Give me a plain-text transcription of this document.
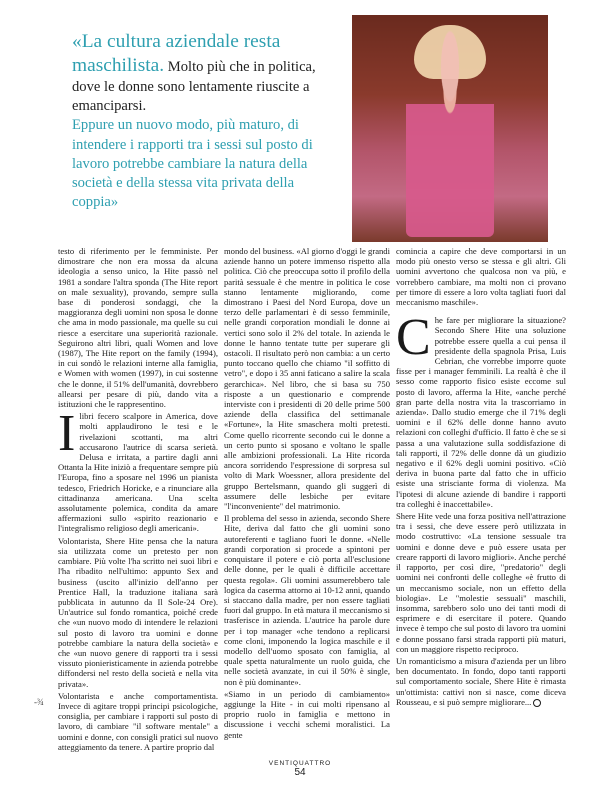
«La cultura aziendale resta maschilista. Molto più che in politica, dove le donne sono lentamente riuscite a emanciparsi.

Eppure un nuovo modo, più maturo, di intendere i rapporti tra i sessi sul posto di lavoro potrebbe cambiare la natura della società e della stessa vita privata della coppia»

testo di riferimento per le femministe. Per dimostrare che non era mossa da alcuna ideologia a senso unico, la Hite passò nel 1981 a sondare l'altra sponda (The Hite report on male sexuality), provando, sempre sulla base di ponderosi sondaggi, che la maggioranza degli uomini non sposa le donne che ama in modo passionale, ma quelle su cui riesce a esercitare una superiorità razionale. Seguirono altri libri, quali Women and love (1987), The Hite report on the family (1994), in cui sondò le relazioni interne alla famiglia, e Women with women (1997), in cui sostenne che le donne, il 51% dell'umanità, dovrebbero allearsi per pesare di più, dando vita a istituzioni che le rappresentino.

Ilibri fecero scalpore in America, dove molti applaudirono le tesi e le rivelazioni scottanti, ma altri accusarono l'autrice di scarsa serietà. Delusa e irritata, a partire dagli anni Ottanta la Hite iniziò a frequentare sempre più l'Europa, fino a sposare nel 1996 un pianista tedesco, Friedrich Horicke, e a rinunciare alla cittadinanza americana. Una scelta assolutamente polemica, condita da amare affermazioni sullo «spirito reazionario e l'integralismo religioso degli americani».

Volontarista, Shere Hite pensa che la natura sia utilizzata come un pretesto per non cambiare. Più volte l'ha scritto nei suoi libri e l'ha ribadito nell'ultimo: appunto Sex and business (uscito all'inizio dell'anno per Prentice Hall, la traduzione italiana sarà pubblicata in autunno da Il Sole-24 Ore). Un'autrice sul fondo romantica, poiché crede che «un nuovo modo di intendere le relazioni sul posto di lavoro tra uomini e donne potrebbe cambiare la natura della società» e che «un nuovo genere di rapporti tra i sessi vissuto pionieristicamente in azienda potrebbe diffondersi nel resto della società e nella vita privata».

Volontarista e anche comportamentista. Invece di agitare troppi principi psicologiche, consiglia, per cambiare i rapporti sul posto di lavoro, di cambiare "il software mentale" a uomini e donne, con consigli pratici sul nuovo atteggiamento da tenere. A partire proprio dal

mondo del business. «Al giorno d'oggi le grandi aziende hanno un potere immenso rispetto alla politica. Ciò che preoccupa sotto il profilo della parità sessuale è che mentre in politica le cose stanno lentamente migliorando, come dimostrano i Paesi del Nord Europa, dove un terzo delle parlamentari è di sesso femminile, nelle grandi corporation mondiali le donne ai vertici sono solo il 2% del totale. In azienda le donne le hanno tentate tutte per superare gli ostacoli. Il risultato però non cambia: a un certo punto toccano quello che chiamo "il soffitto di vetro", e dopo i 35 anni faticano a salire la scala gerarchica». Nel libro, che si basa su 750 risposte a un questionario e comprende interviste con i presidenti di 20 delle prime 500 aziende della classifica del settimanale «Fortune», la Hite smaschera molti pretesti. Come quello ricorrente secondo cui le donne a un certo punto si sposano e voltano le spalle alle ambizioni professionali. La Hite ricorda ancora sorridendo l'espressione di sorpresa sul volto di Mark Woessner, allora presidente del gruppo Bertelsmann, quando gli suggerì di assumere delle lesbiche per evitare "l'inconveniente" del matrimonio.

Il problema del sesso in azienda, secondo Shere Hite, deriva dal fatto che gli uomini sono autoreferenti e tagliano fuori le donne. «Nelle grandi corporation si procede a spintoni per conquistare il potere e ciò porta all'esclusione delle donne, per le quali è difficile accettare questa regola». Gli uomini assumerebbero tale logica da caserma attorno ai 10-12 anni, quando si staccano dalla madre, per non essere tagliati fuori dal gruppo. In età matura il meccanismo si trasferisce in azienda. L'autrice ha parole dure per i top manager «che tendono a replicarsi come cloni, imponendo la logica maschile e il modello dell'uomo sposato con famiglia, al quale spetta naturalmente un ruolo guida, che nelle società avanzate, in cui il 50% è single, non è più dominante».

«Siamo in un periodo di cambiamento» aggiunge la Hite - in cui molti ripensano al proprio ruolo in famiglia e mettono in discussione i vecchi schemi moralistici. La gente

comincia a capire che deve comportarsi in un modo più onesto verso se stessa e gli altri. Gli uomini avvertono che qualcosa non va più, e vorrebbero cambiare, ma molti non ci provano per timore di essere a loro volta tagliati fuori dal meccanismo maschile».

Che fare per migliorare la situazione? Secondo Shere Hite una soluzione potrebbe essere quella a cui pensa il presidente della spagnola Prisa, Luis Cebrian, che vorrebbe imporre quote fisse per i manager femminili. La realtà è che il sesso come rapporto fisico esiste eccome sul posto di lavoro, afferma la Hite, «anche perché gran parte della nostra vita la trascorriamo in azienda». Dallo studio emerge che il 71% degli uomini e il 62% delle donne hanno avuto relazioni con colleghi d'ufficio. Il fatto è che se si passa a una valutazione sulla soddisfazione di tali rapporti, il 72% delle donne dà un giudizio negativo e il 62% degli uomini positivo. «Ciò deriva in buona parte dal fatto che in ufficio esiste una strisciante forma di violenza. Ma l'ipotesi di alcune aziende di bandire i rapporti tra colleghi è inaccettabile».

Shere Hite vede una forza positiva nell'attrazione tra i sessi, che deve essere però utilizzata in modo costruttivo: «La tensione sessuale tra uomini e donne deve e può essere usata per creare rapporti di lavoro migliori». Anche perché il rapporto, per così dire, "predatorio" degli uomini nei confronti delle colleghe «è frutto di un meccanismo sociale, non un effetto della biologia». Le "molestie sessuali" maschili, insomma, sarebbero solo uno dei tanti modi di esprimere e di esercitare il potere. Quando invece è tempo che sul posto di lavoro tra uomini e donne possano farsi strada rapporti più maturi, con un maggiore rispetto reciproco.

Un romanticismo a misura d'azienda per un libro ben documentato. In fondo, dopo tanti rapporti sul comportamento sociale, Shere Hite è rimasta un'ottimista: cattivi non si nasce, come diceva Rousseau, e si può sempre migliorare...

-¾
VENTIQUATTRO
54
